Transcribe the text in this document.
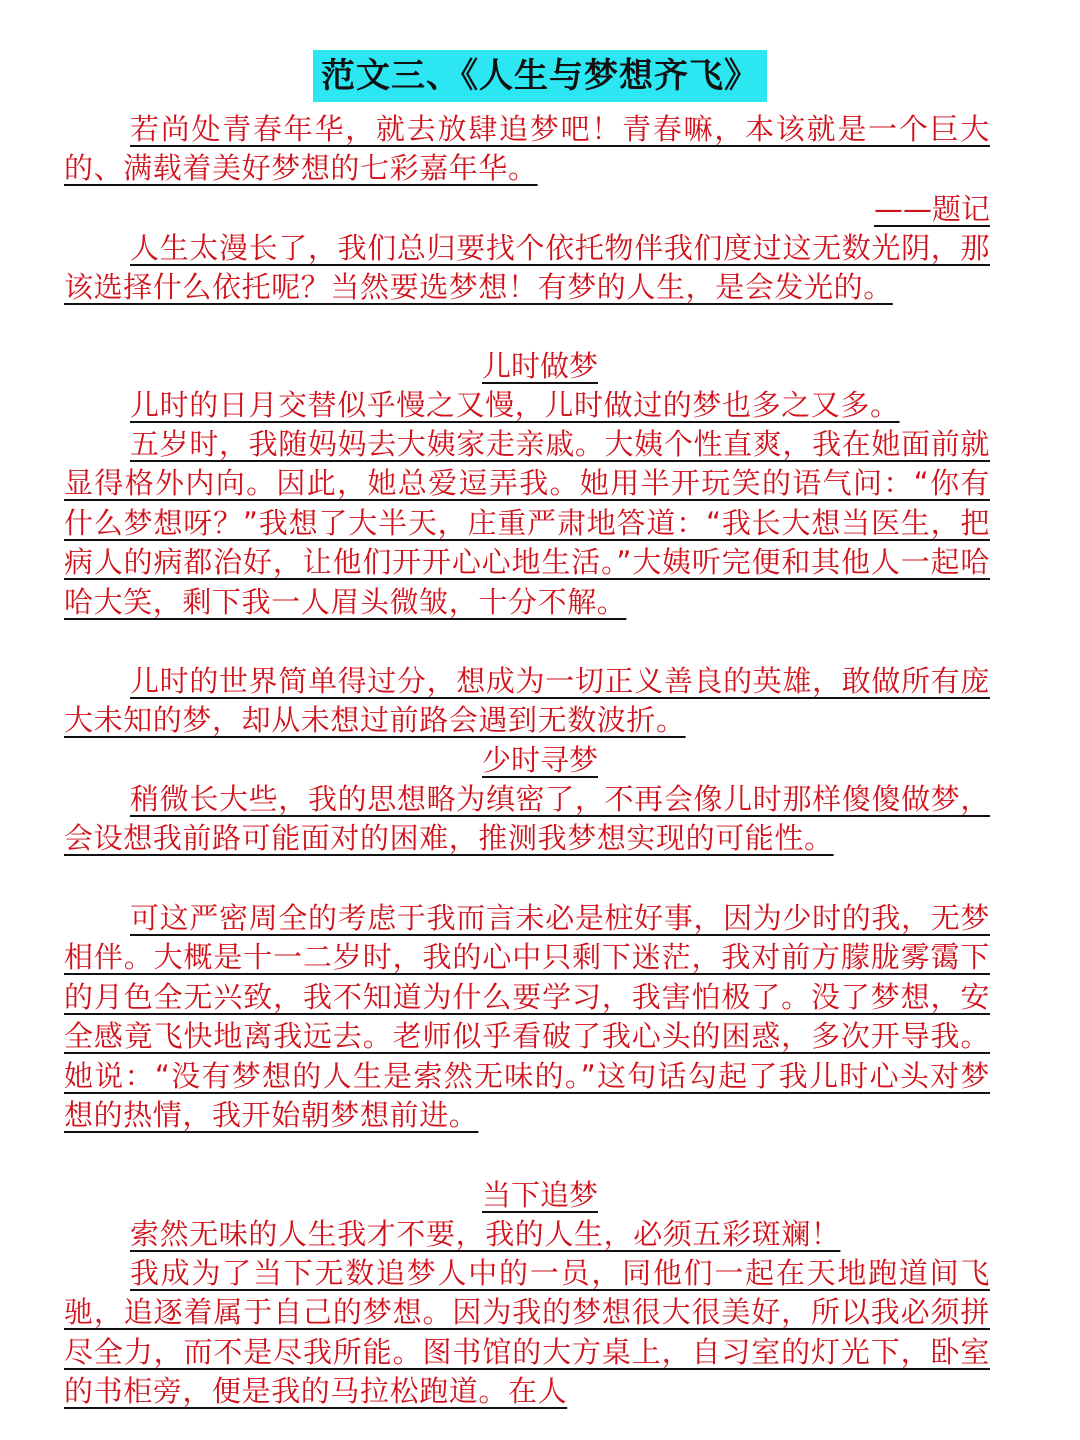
范文三、《人生与梦想齐飞》

若尚处青春年华，就去放肆追梦吧！青春嘛，本该就是一个巨大的、满载着美好梦想的七彩嘉年华。

——题记

人生太漫长了，我们总归要找个依托物伴我们度过这无数光阴，那该选择什么依托呢？当然要选梦想！有梦的人生，是会发光的。

儿时做梦

儿时的日月交替似乎慢之又慢，儿时做过的梦也多之又多。

五岁时，我随妈妈去大姨家走亲戚。大姨个性直爽，我在她面前就显得格外内向。因此，她总爱逗弄我。她用半开玩笑的语气问：“你有什么梦想呀？”我想了大半天，庄重严肃地答道：“我长大想当医生，把病人的病都治好，让他们开开心心地生活。”大姨听完便和其他人一起哈哈大笑，剩下我一人眉头微皱，十分不解。

儿时的世界简单得过分，想成为一切正义善良的英雄，敢做所有庞大未知的梦，却从未想过前路会遇到无数波折。

少时寻梦

稍微长大些，我的思想略为缜密了，不再会像儿时那样傻傻做梦，会设想我前路可能面对的困难，推测我梦想实现的可能性。

可这严密周全的考虑于我而言未必是桩好事，因为少时的我，无梦相伴。大概是十一二岁时，我的心中只剩下迷茫，我对前方朦胧雾霭下的月色全无兴致，我不知道为什么要学习，我害怕极了。没了梦想，安全感竟飞快地离我远去。老师似乎看破了我心头的困惑，多次开导我。她说：“没有梦想的人生是索然无味的。”这句话勾起了我儿时心头对梦想的热情，我开始朝梦想前进。

当下追梦

索然无味的人生我才不要，我的人生，必须五彩斑斓！

我成为了当下无数追梦人中的一员，同他们一起在天地跑道间飞驰，追逐着属于自己的梦想。因为我的梦想很大很美好，所以我必须拼尽全力，而不是尽我所能。图书馆的大方桌上，自习室的灯光下，卧室的书柜旁，便是我的马拉松跑道。在人
